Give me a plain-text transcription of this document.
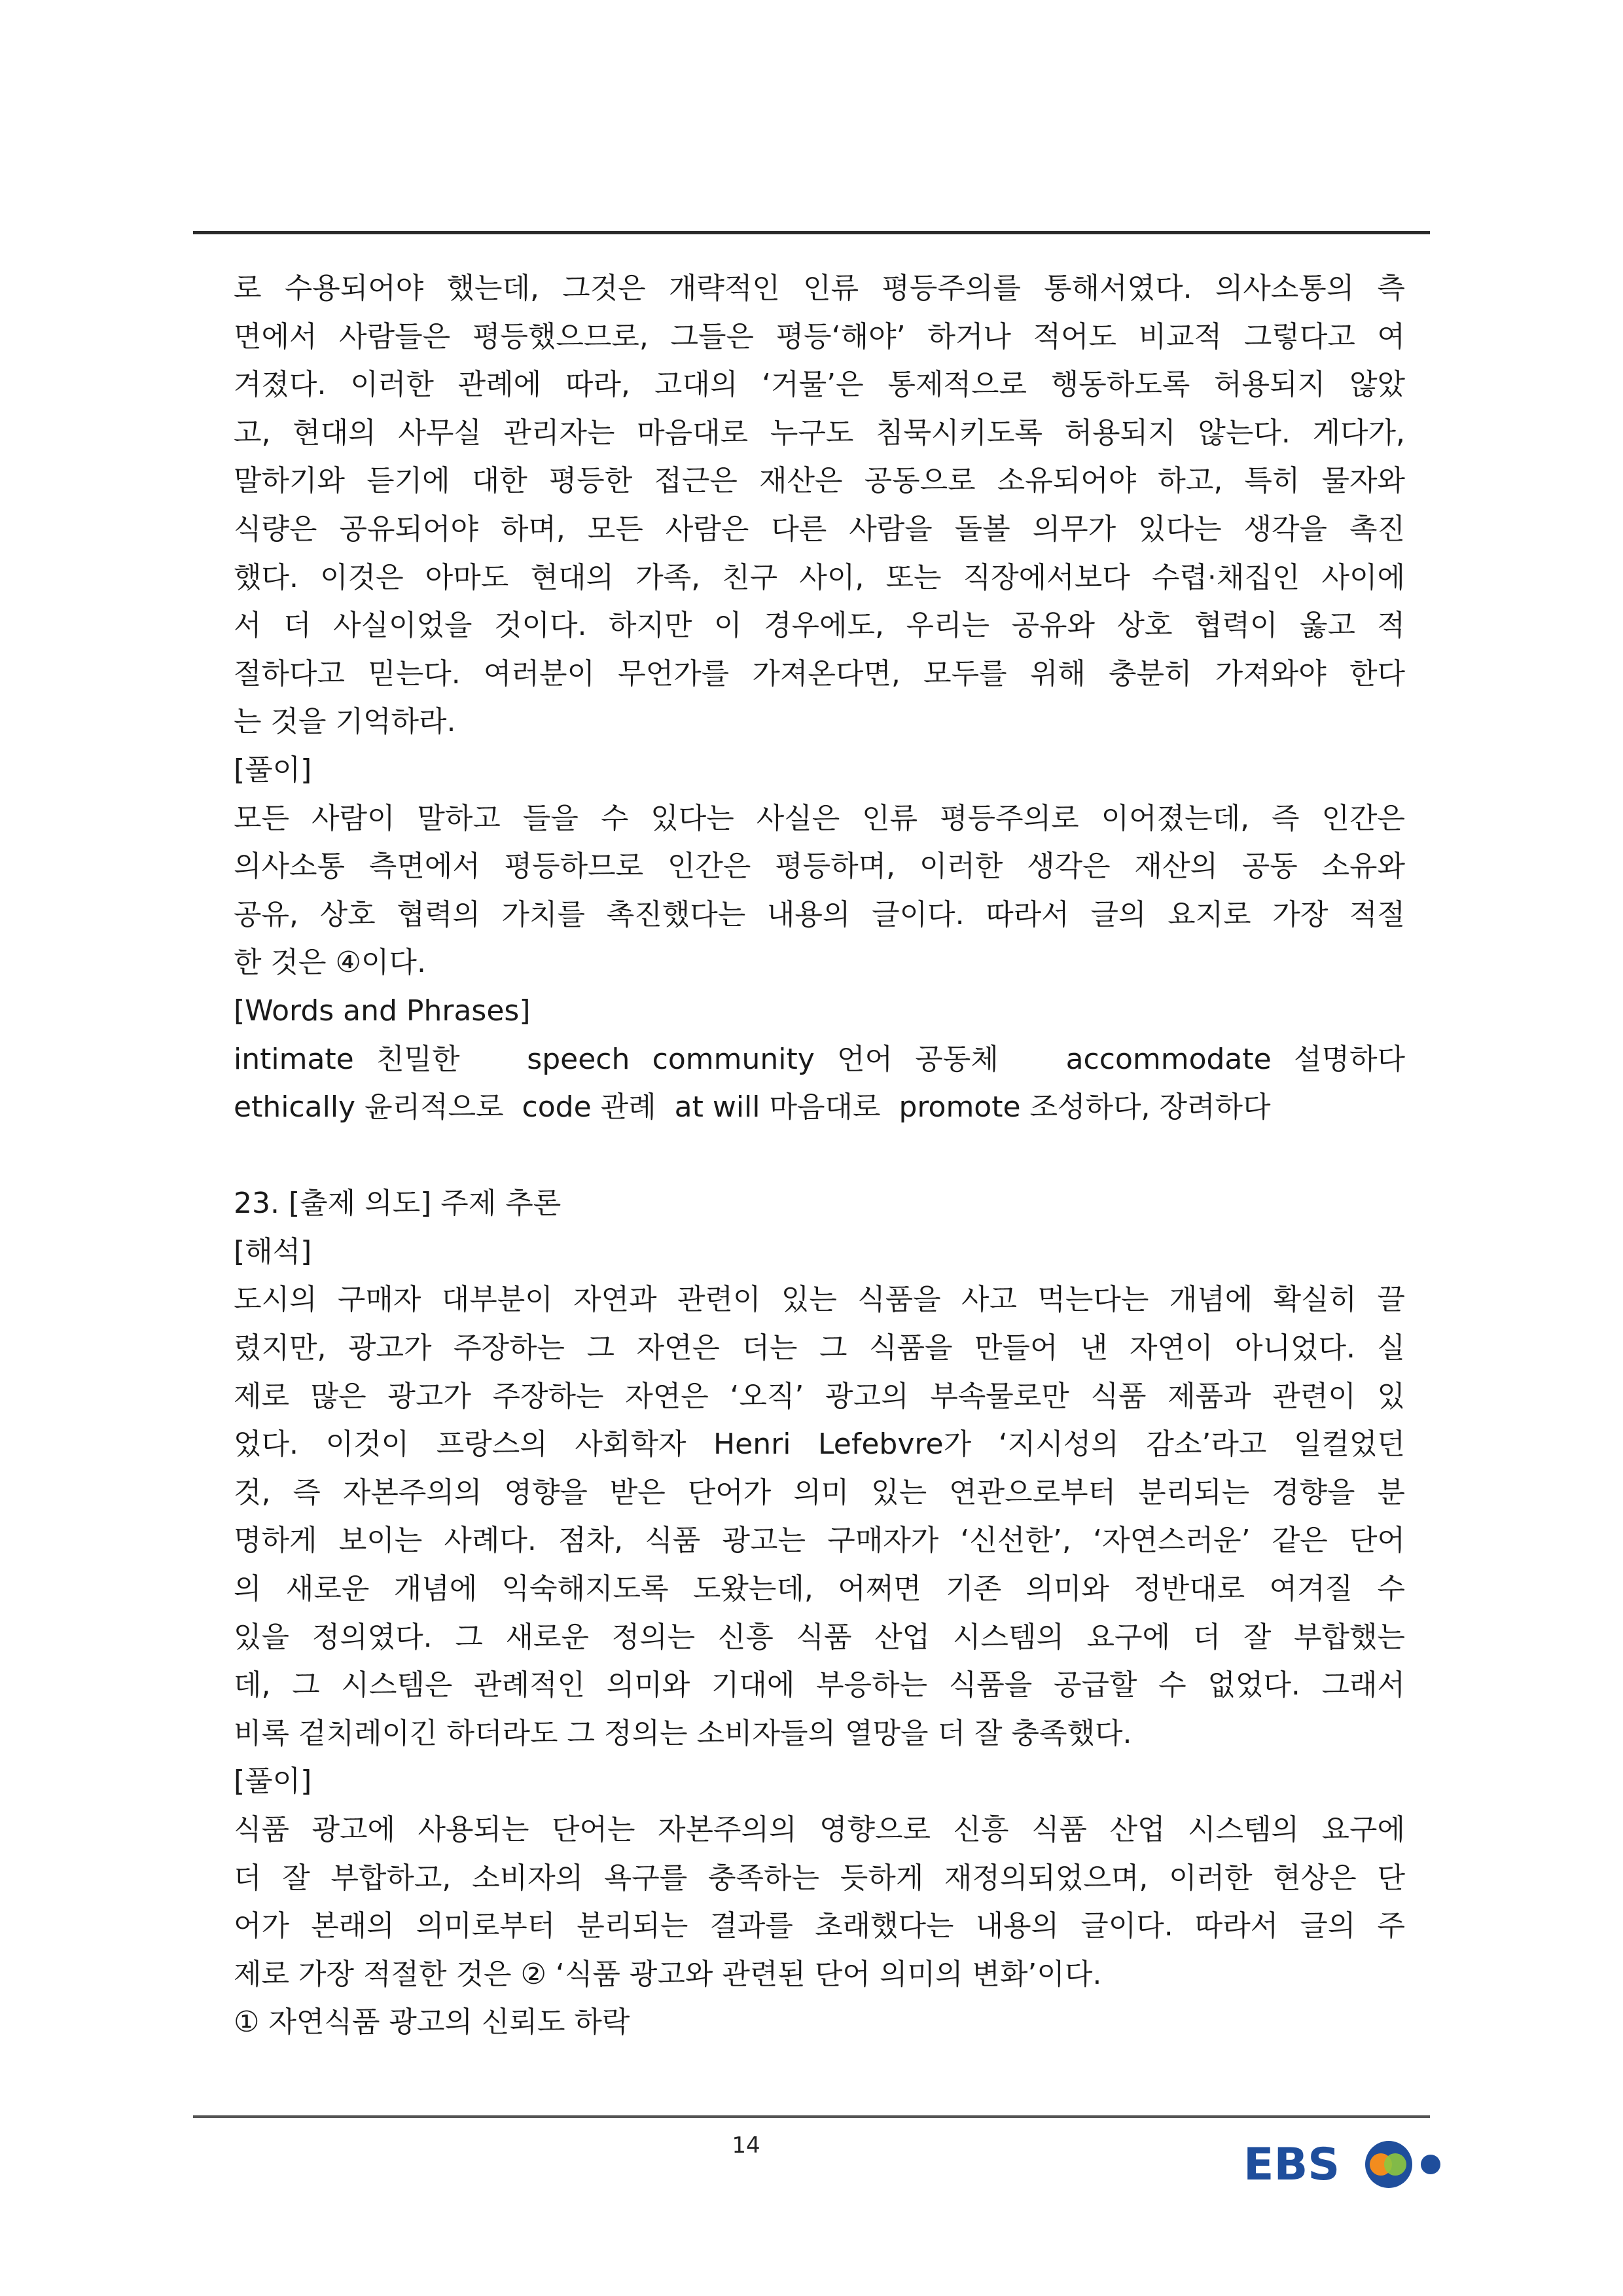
로 수용되어야 했는데, 그것은 개략적인 인류 평등주의를 통해서였다. 의사소통의 측
면에서 사람들은 평등했으므로, 그들은 평등‘해야’ 하거나 적어도 비교적 그렇다고 여
겨졌다. 이러한 관례에 따라, 고대의 ‘거물’은 통제적으로 행동하도록 허용되지 않았
고, 현대의 사무실 관리자는 마음대로 누구도 침묵시키도록 허용되지 않는다. 게다가,
말하기와 듣기에 대한 평등한 접근은 재산은 공동으로 소유되어야 하고, 특히 물자와
식량은 공유되어야 하며, 모든 사람은 다른 사람을 돌볼 의무가 있다는 생각을 촉진
했다. 이것은 아마도 현대의 가족, 친구 사이, 또는 직장에서보다 수렵·채집인 사이에
서 더 사실이었을 것이다. 하지만 이 경우에도, 우리는 공유와 상호 협력이 옳고 적
절하다고 믿는다. 여러분이 무언가를 가져온다면, 모두를 위해 충분히 가져와야 한다
는 것을 기억하라.
[풀이]
모든 사람이 말하고 들을 수 있다는 사실은 인류 평등주의로 이어졌는데, 즉 인간은
의사소통 측면에서 평등하므로 인간은 평등하며, 이러한 생각은 재산의 공동 소유와
공유, 상호 협력의 가치를 촉진했다는 내용의 글이다. 따라서 글의 요지로 가장 적절
한 것은 ④이다.
[Words and Phrases]
intimate 친밀한   speech community 언어 공동체   accommodate 설명하다
ethically 윤리적으로  code 관례  at will 마음대로  promote 조성하다, 장려하다
23. [출제 의도] 주제 추론
[해석]
도시의 구매자 대부분이 자연과 관련이 있는 식품을 사고 먹는다는 개념에 확실히 끌
렸지만, 광고가 주장하는 그 자연은 더는 그 식품을 만들어 낸 자연이 아니었다. 실
제로 많은 광고가 주장하는 자연은 ‘오직’ 광고의 부속물로만 식품 제품과 관련이 있
었다. 이것이 프랑스의 사회학자 Henri Lefebvre가 ‘지시성의 감소’라고 일컬었던
것, 즉 자본주의의 영향을 받은 단어가 의미 있는 연관으로부터 분리되는 경향을 분
명하게 보이는 사례다. 점차, 식품 광고는 구매자가 ‘신선한’, ‘자연스러운’ 같은 단어
의 새로운 개념에 익숙해지도록 도왔는데, 어쩌면 기존 의미와 정반대로 여겨질 수
있을 정의였다. 그 새로운 정의는 신흥 식품 산업 시스템의 요구에 더 잘 부합했는
데, 그 시스템은 관례적인 의미와 기대에 부응하는 식품을 공급할 수 없었다. 그래서
비록 겉치레이긴 하더라도 그 정의는 소비자들의 열망을 더 잘 충족했다.
[풀이]
식품 광고에 사용되는 단어는 자본주의의 영향으로 신흥 식품 산업 시스템의 요구에
더 잘 부합하고, 소비자의 욕구를 충족하는 듯하게 재정의되었으며, 이러한 현상은 단
어가 본래의 의미로부터 분리되는 결과를 초래했다는 내용의 글이다. 따라서 글의 주
제로 가장 적절한 것은 ② ‘식품 광고와 관련된 단어 의미의 변화’이다.
① 자연식품 광고의 신뢰도 하락
14	EBS
